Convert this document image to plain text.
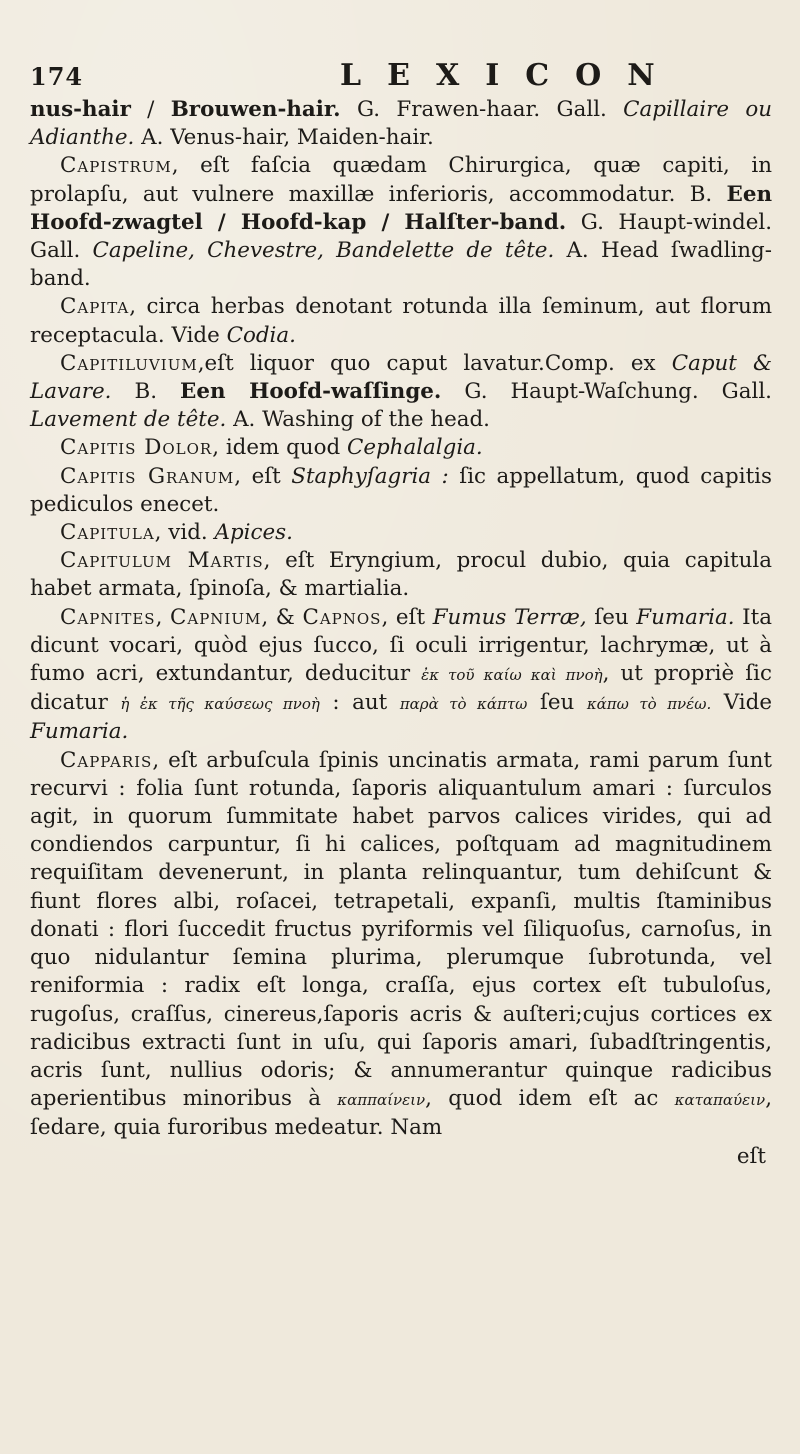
174	LEXICON

nus-hair / Brouwen-hair. G. Frawen-haar. Gall. Capillaire ou Adianthe. A. Venus-hair, Maiden-hair.

Capistrum, eſt faſcia quædam Chirurgica, quæ capiti, in prolapſu, aut vulnere maxillæ inferioris, accommodatur. B. Een Hoofd-zwagtel / Hoofd-kap / Halſter-band. G. Haupt-windel. Gall. Capeline, Chevestre, Bandelette de tête. A. Head ſwadling-band.

Capita, circa herbas denotant rotunda illa ſeminum, aut florum receptacula. Vide Codia.

Capitiluvium,eſt liquor quo caput lavatur.Comp. ex Caput & Lavare. B. Een Hoofd-waſſinge. G. Haupt-Waſchung. Gall. Lavement de tête. A. Washing of the head.

Capitis Dolor, idem quod Cephalalgia.

Capitis Granum, eſt Staphyſagria : ſic appellatum, quod capitis pediculos enecet.

Capitula, vid. Apices.

Capitulum Martis, eſt Eryngium, procul dubio, quia capitula habet armata, ſpinoſa, & martialia.

Capnites, Capnium, & Capnos, eſt Fumus Terræ, ſeu Fumaria. Ita dicunt vocari, quòd ejus ſucco, ſi oculi irrigentur, lachrymæ, ut à fumo acri, extundantur, deducitur ἐκ τοῦ καίω καὶ πνοὴ, ut propriè ſic dicatur ἡ ἐκ τῆς καύσεως πνοὴ : aut παρὰ τὸ κάπτω ſeu κάπω τὸ πνέω. Vide Fumaria.

Capparis, eſt arbuſcula ſpinis uncinatis armata, rami parum ſunt recurvi : folia ſunt rotunda, ſaporis aliquantulum amari : ſurculos agit, in quorum ſummitate habet parvos calices virides, qui ad condiendos carpuntur, ſi hi calices, poſtquam ad magnitudinem requiſitam devenerunt, in planta relinquantur, tum dehiſcunt & fiunt flores albi, roſacei, tetrapetali, expanſi, multis ſtaminibus donati : flori ſuccedit fructus pyriformis vel ſiliquoſus, carnoſus, in quo nidulantur ſemina plurima, plerumque ſubrotunda, vel reniformia : radix eſt longa, craſſa, ejus cortex eſt tubuloſus, rugoſus, craſſus, cinereus,ſaporis acris & auſteri;cujus cortices ex radicibus extracti ſunt in uſu, qui ſaporis amari, ſubadſtringentis, acris ſunt, nullius odoris; & annumerantur quinque radicibus aperientibus minoribus à καππαίνειν, quod idem eſt ac καταπαύειν, ſedare, quia furoribus medeatur. Nam

eſt
